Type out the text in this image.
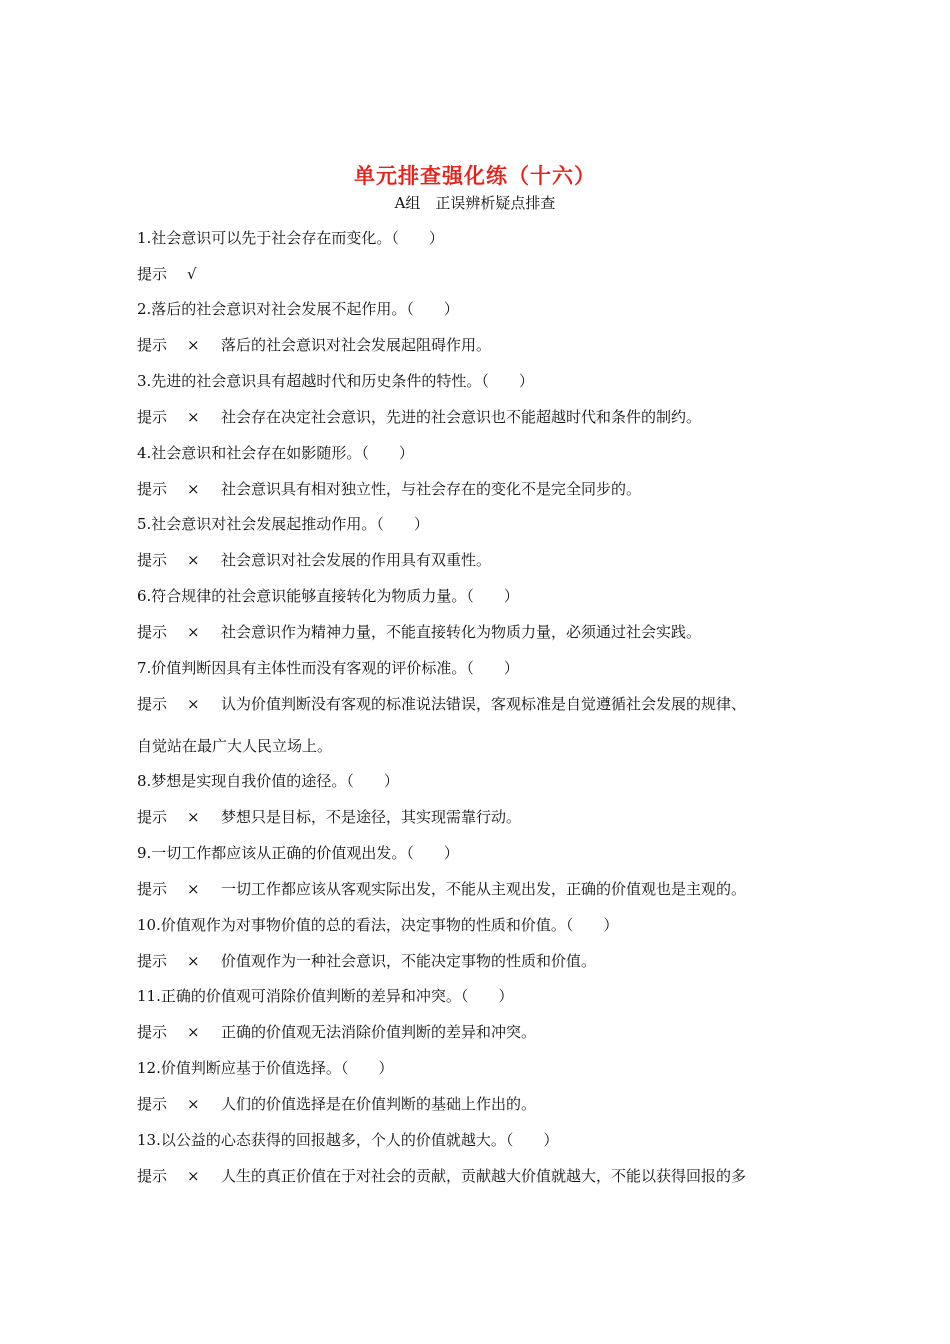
单元排查强化练（十六）
A组　正误辨析疑点排查
1.社会意识可以先于社会存在而变化。（　　）
提示 √
2.落后的社会意识对社会发展不起作用。（　　）
提示 × 落后的社会意识对社会发展起阻碍作用。
3.先进的社会意识具有超越时代和历史条件的特性。（　　）
提示 × 社会存在决定社会意识，先进的社会意识也不能超越时代和条件的制约。
4.社会意识和社会存在如影随形。（　　）
提示 × 社会意识具有相对独立性，与社会存在的变化不是完全同步的。
5.社会意识对社会发展起推动作用。（　　）
提示 × 社会意识对社会发展的作用具有双重性。
6.符合规律的社会意识能够直接转化为物质力量。（　　）
提示 × 社会意识作为精神力量，不能直接转化为物质力量，必须通过社会实践。
7.价值判断因具有主体性而没有客观的评价标准。（　　）
提示 × 认为价值判断没有客观的标准说法错误，客观标准是自觉遵循社会发展的规律、
自觉站在最广大人民立场上。
8.梦想是实现自我价值的途径。（　　）
提示 × 梦想只是目标，不是途径，其实现需靠行动。
9.一切工作都应该从正确的价值观出发。（　　）
提示 × 一切工作都应该从客观实际出发，不能从主观出发，正确的价值观也是主观的。
10.价值观作为对事物价值的总的看法，决定事物的性质和价值。（　　）
提示 × 价值观作为一种社会意识，不能决定事物的性质和价值。
11.正确的价值观可消除价值判断的差异和冲突。（　　）
提示 × 正确的价值观无法消除价值判断的差异和冲突。
12.价值判断应基于价值选择。（　　）
提示 × 人们的价值选择是在价值判断的基础上作出的。
13.以公益的心态获得的回报越多，个人的价值就越大。（　　）
提示 × 人生的真正价值在于对社会的贡献，贡献越大价值就越大，不能以获得回报的多
